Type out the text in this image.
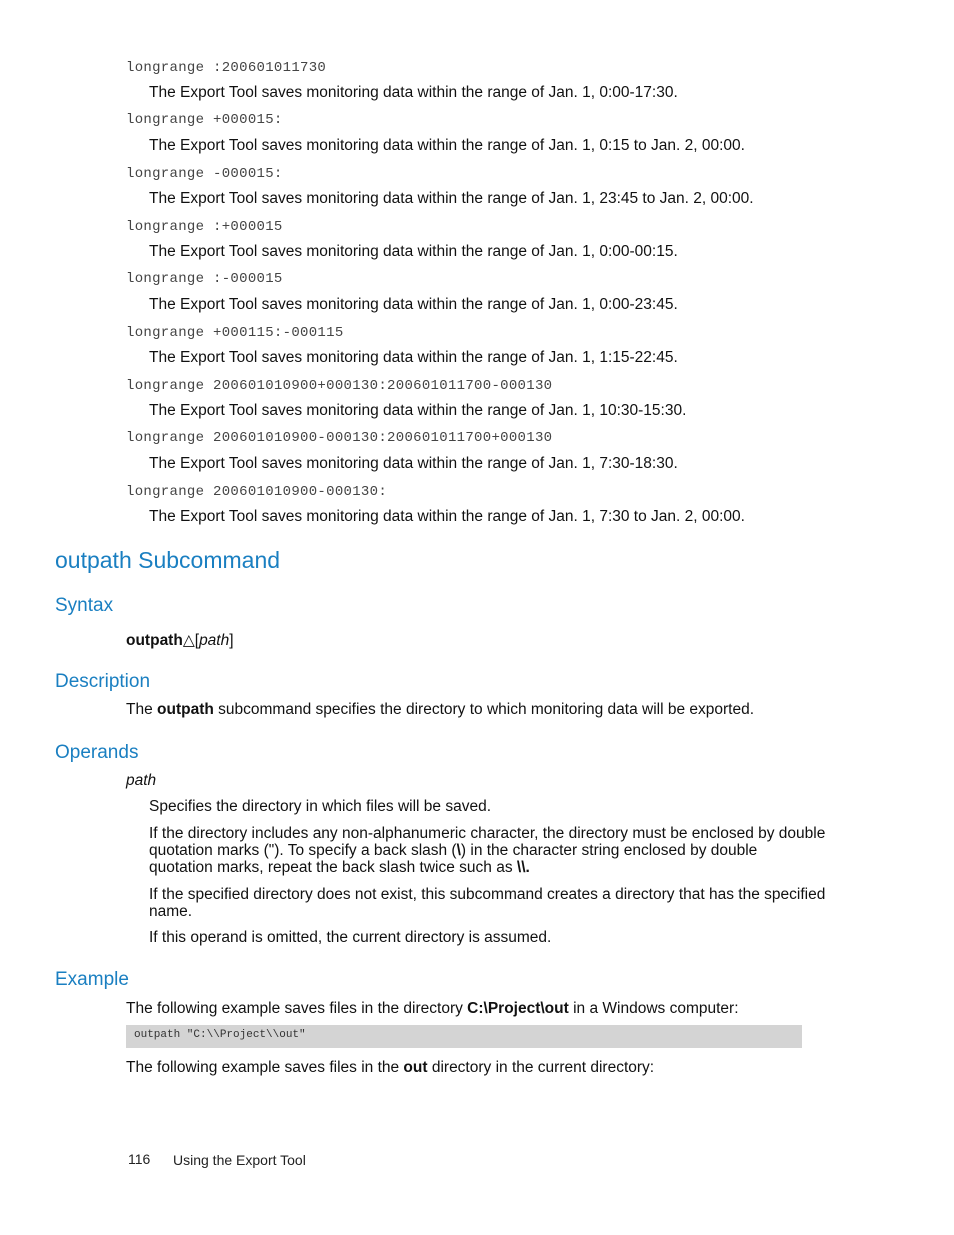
longrange :200601011730
The Export Tool saves monitoring data within the range of Jan. 1, 0:00-17:30.
longrange +000015:
The Export Tool saves monitoring data within the range of Jan. 1, 0:15 to Jan. 2, 00:00.
longrange -000015:
The Export Tool saves monitoring data within the range of Jan. 1, 23:45 to Jan. 2, 00:00.
longrange :+000015
The Export Tool saves monitoring data within the range of Jan. 1, 0:00-00:15.
longrange :-000015
The Export Tool saves monitoring data within the range of Jan. 1, 0:00-23:45.
longrange +000115:-000115
The Export Tool saves monitoring data within the range of Jan. 1, 1:15-22:45.
longrange 200601010900+000130:200601011700-000130
The Export Tool saves monitoring data within the range of Jan. 1, 10:30-15:30.
longrange 200601010900-000130:200601011700+000130
The Export Tool saves monitoring data within the range of Jan. 1, 7:30-18:30.
longrange 200601010900-000130:
The Export Tool saves monitoring data within the range of Jan. 1, 7:30 to Jan. 2, 00:00.
outpath Subcommand
Syntax
outpath△[path]
Description
The outpath subcommand specifies the directory to which monitoring data will be exported.
Operands
path
Specifies the directory in which files will be saved.
If the directory includes any non-alphanumeric character, the directory must be enclosed by double
quotation marks ("). To specify a back slash (\) in the character string enclosed by double
quotation marks, repeat the back slash twice such as \\.
If the specified directory does not exist, this subcommand creates a directory that has the specified
name.
If this operand is omitted, the current directory is assumed.
Example
The following example saves files in the directory C:\Project\out in a Windows computer:
outpath "C:\\Project\\out"
The following example saves files in the out directory in the current directory:
116 Using the Export Tool
